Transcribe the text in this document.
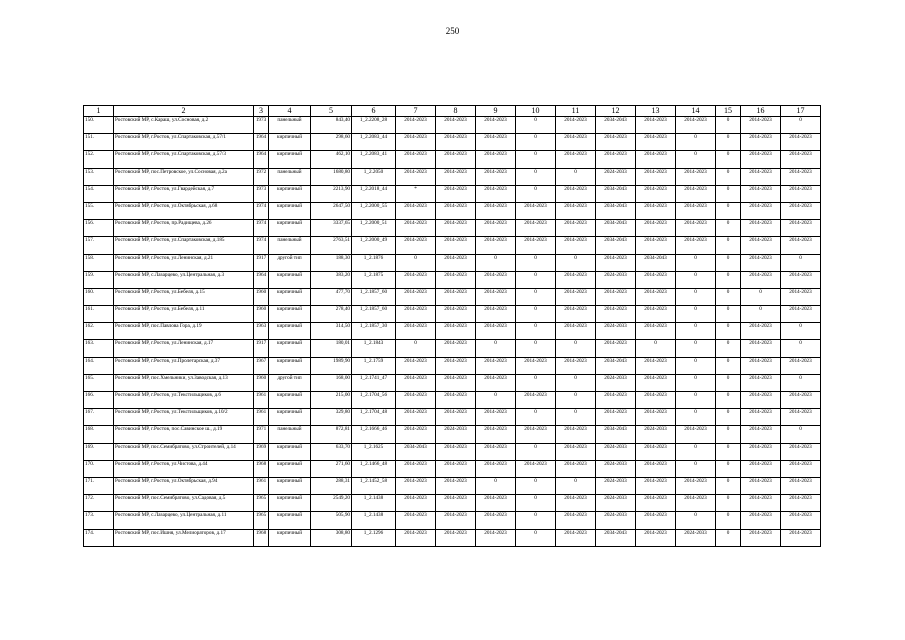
250
1	2	3	4	5	6	7	8	9	10	11	12	13	14	15	16	17
150.	Ростовский МР, с.Караш, ул.Сосновая, д.2	1973	панельный	843,40	1_2.2208_28	2014-2023	2014-2023	2014-2023	0	2014-2023	2034-2043	2014-2023	2014-2023	0	2014-2023	0
151.	Ростовский МР, г.Ростов, ул.Спартаковская, д.57/1	1964	кирпичный	298,60	1_2.2083_44	2014-2023	2014-2023	2014-2023	0	2014-2023	2014-2023	2014-2023	0	0	2014-2023	2014-2023
152.	Ростовский МР, г.Ростов, ул.Спартаковская, д.57/3	1964	кирпичный	462,10	1_2.2083_41	2014-2023	2014-2023	2014-2023	0	2014-2023	2014-2023	2014-2023	0	0	2014-2023	2014-2023
153.	Ростовский МР, пос.Петровское, ул.Сосновая, д.2а	1972	панельный	1680,80	1_2.2050	2014-2023	2014-2023	2014-2023	0	0	2024-2033	2014-2023	2014-2023	0	2014-2023	2014-2023
154.	Ростовский МР, г.Ростов, ул.Гвардейская, д.7	1973	кирпичный	2213,90	1_2.2018_44	*	2014-2023	2014-2023	0	2014-2023	2034-2043	2014-2023	2014-2023	0	2014-2023	2014-2023
155.	Ростовский МР, г.Ростов, ул.Октябрьская, д.68	1974	кирпичный	2647,50	1_2.2000_55	2014-2023	2014-2023	2014-2023	2014-2023	2014-2023	2034-2043	2014-2023	2014-2023	0	2014-2023	2014-2023
156.	Ростовский МР, г.Ростов, пр.Радищева, д.26	1974	кирпичный	3337,65	1_2.2000_51	2014-2023	2014-2023	2014-2023	2014-2023	2014-2023	2034-2043	2014-2023	2014-2023	0	2014-2023	2014-2023
157.	Ростовский МР, г.Ростов, ул.Спартаковская, д.185	1974	панельный	2763,51	1_2.2000_49	2014-2023	2014-2023	2014-2023	2014-2023	2014-2023	2034-2043	2014-2023	2014-2023	0	2014-2023	2014-2023
158.	Ростовский МР, г.Ростов, ул.Ленинская, д.21	1917	другой тип	188,30	1_2.1876	0	2014-2023	0	0	0	2014-2023	2034-2043	0	0	2014-2023	0
159.	Ростовский МР, с.Лазарцево, ул.Центральная, д.3	1964	кирпичный	383,20	1_2.1875	2014-2023	2014-2023	2014-2023	0	2014-2023	2024-2033	2014-2023	0	0	2014-2023	2014-2023
160.	Ростовский МР, г.Ростов, ул.Бебеля, д.15	1960	кирпичный	477,70	1_2.1857_60	2014-2023	2014-2023	2014-2023	0	2014-2023	2014-2023	2014-2023	0	0	0	2014-2023
161.	Ростовский МР, г.Ростов, ул.Бебеля, д.11	1960	кирпичный	278,40	1_2.1857_60	2014-2023	2014-2023	2014-2023	0	2014-2023	2014-2023	2014-2023	0	0	0	2014-2023
162.	Ростовский МР, пос.Павлова Гора, д.19	1963	кирпичный	314,50	1_2.1857_30	2014-2023	2014-2023	2014-2023	0	2014-2023	2024-2033	2014-2023	0	0	2014-2023	0
163.	Ростовский МР, г.Ростов, ул.Ленинская, д.17	1917	кирпичный	180,01	1_2.1843	0	2014-2023	0	0	0	2014-2023	0	0	0	2014-2023	0
164.	Ростовский МР, г.Ростов, ул.Пролетарская, д.37	1967	кирпичный	1989,90	1_2.1759	2014-2023	2014-2023	2014-2023	2014-2023	2014-2023	2034-2043	2014-2023	0	0	2014-2023	2014-2023
165.	Ростовский МР, пос.Хмельники, ул.Заводская, д.13	1960	другой тип	168,00	1_2.1741_47	2014-2023	2014-2023	2014-2023	0	0	2024-2033	2014-2023	0	0	2014-2023	0
166.	Ростовский МР, г.Ростов, ул.Текстильщиков, д.6	1961	кирпичный	215,00	1_2.1704_56	2014-2023	2014-2023	0	2014-2023	0	2014-2023	2014-2023	0	0	2014-2023	2014-2023
167.	Ростовский МР, г.Ростов, ул.Текстильщиков, д.10/2	1961	кирпичный	329,80	1_2.1704_48	2014-2023	2014-2023	2014-2023	0	0	2014-2023	2014-2023	0	0	2014-2023	2014-2023
168.	Ростовский МР, г.Ростов, пос.Савинское ш., д.19	1971	панельный	872,81	1_2.1666_46	2014-2023	2024-2033	2014-2023	2014-2023	2014-2023	2034-2043	2024-2033	2014-2023	0	2014-2023	0
169.	Ростовский МР, пос.Семибратово, ул.Строителей, д.14	1969	кирпичный	633,70	1_2.1625	2034-2043	2014-2023	2014-2023	0	2014-2023	2024-2033	2014-2023	0	0	2014-2023	2014-2023
170.	Ростовский МР, г.Ростов, ул.Чистова, д.44	1968	кирпичный	271,60	1_2.1466_48	2014-2023	2014-2023	2014-2023	2014-2023	2014-2023	2024-2033	2014-2023	0	0	2014-2023	2014-2023
171.	Ростовский МР, г.Ростов, ул.Октябрьская, д.94	1961	кирпичный	288,31	1_2.1452_58	2014-2023	2014-2023	0	0	0	2024-2033	2014-2023	2014-2023	0	2014-2023	2014-2023
172.	Ростовский МР, пос.Семибратово, ул.Садовая, д.5	1965	кирпичный	2549,20	1_2.1438	2014-2023	2014-2023	2014-2023	0	2014-2023	2024-2033	2014-2023	2014-2023	0	2014-2023	2014-2023
173.	Ростовский МР, с.Лазарцево, ул.Центральная, д.11	1965	кирпичный	505,90	1_2.1438	2014-2023	2014-2023	2014-2023	0	2014-2023	2024-2033	2014-2023	0	0	2014-2023	2014-2023
174.	Ростовский МР, пос.Ишня, ул.Мелиораторов, д.17	1968	кирпичный	308,80	1_2.1296	2014-2023	2014-2023	2014-2023	0	2014-2023	2034-2043	2014-2023	2024-2033	0	2014-2023	2014-2023
